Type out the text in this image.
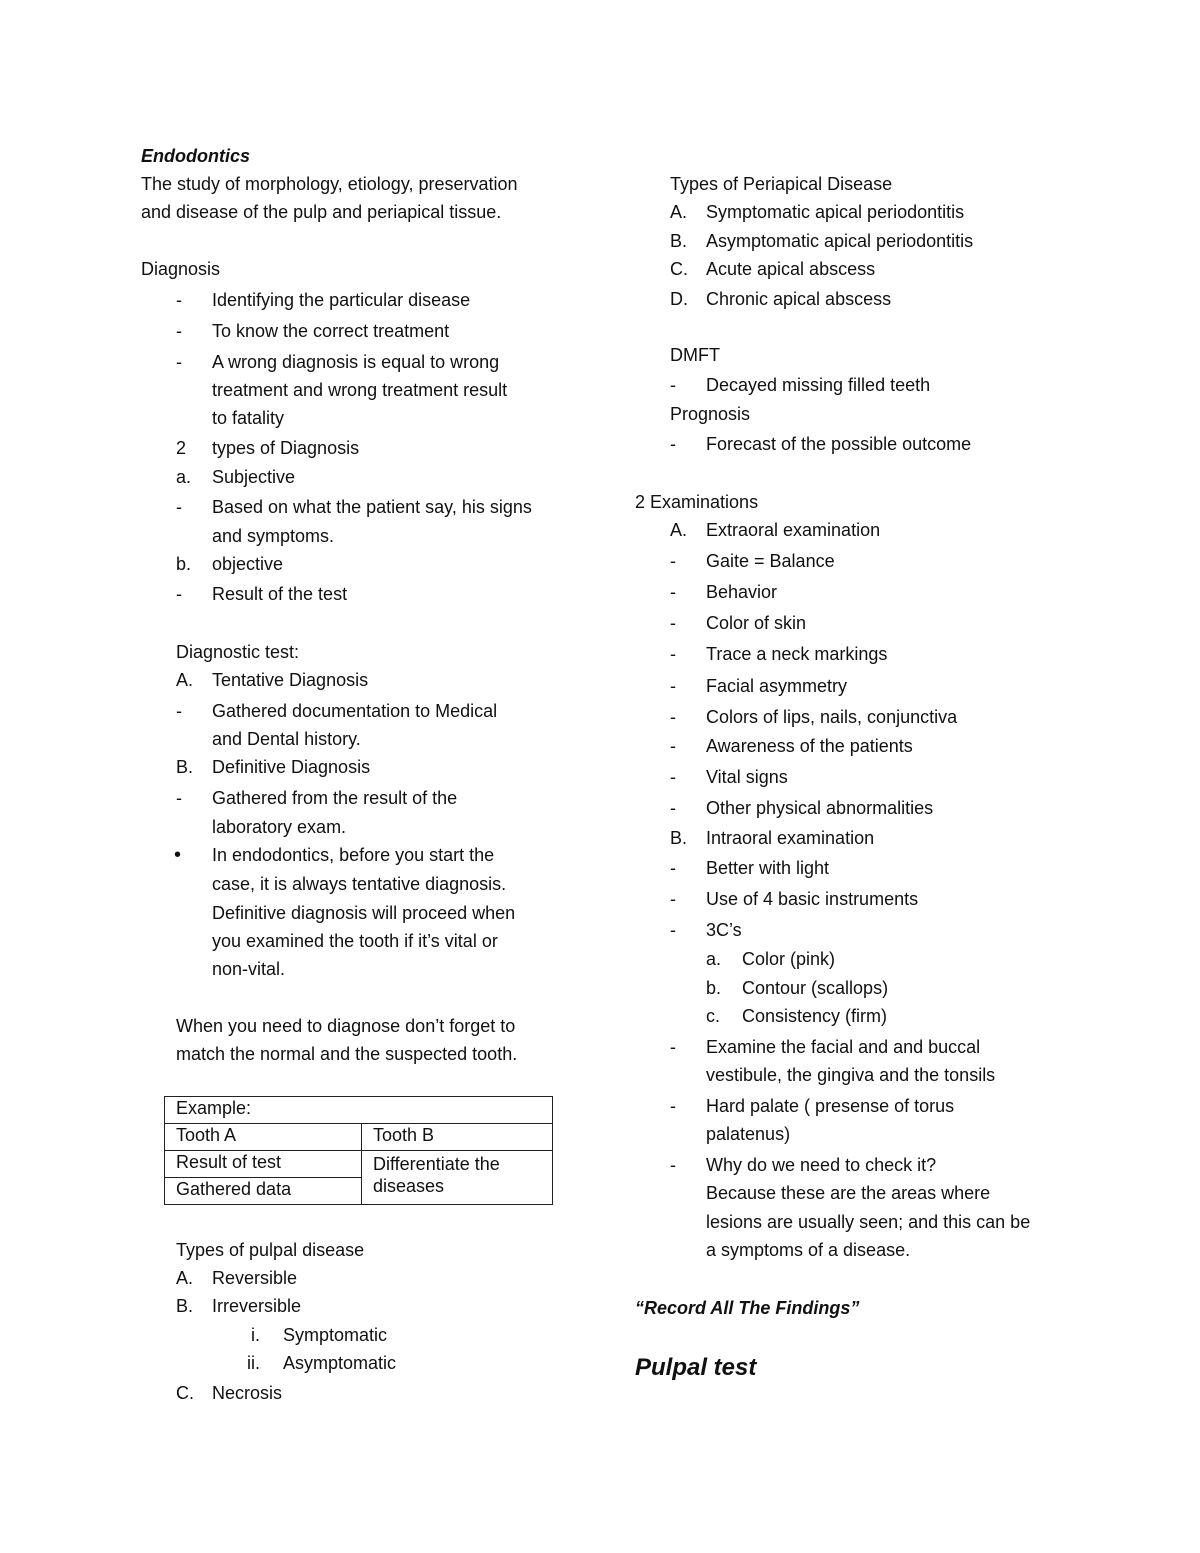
Endodontics
The study of morphology, etiology, preservation
and disease of the pulp and periapical tissue.
Diagnosis
- Identifying the particular disease
- To know the correct treatment
- A wrong diagnosis is equal to wrong
treatment and wrong treatment result
to fatality
2 types of Diagnosis
a. Subjective
- Based on what the patient say, his signs
and symptoms.
b. objective
- Result of the test
Diagnostic test:
A. Tentative Diagnosis
- Gathered documentation to Medical
and Dental history.
B. Definitive Diagnosis
- Gathered from the result of the
laboratory exam.
• In endodontics, before you start the
case, it is always tentative diagnosis.
Definitive diagnosis will proceed when
you examined the tooth if it’s vital or
non-vital.
When you need to diagnose don’t forget to
match the normal and the suspected tooth.
Example:	
Tooth A	Tooth B
Result of test	Differentiate the diseases
Gathered data	
Types of pulpal disease
A. Reversible
B. Irreversible
i. Symptomatic
ii. Asymptomatic
C. Necrosis
Types of Periapical Disease
A. Symptomatic apical periodontitis
B. Asymptomatic apical periodontitis
C. Acute apical abscess
D. Chronic apical abscess
DMFT
- Decayed missing filled teeth
Prognosis
- Forecast of the possible outcome
2 Examinations
A. Extraoral examination
- Gaite = Balance
- Behavior
- Color of skin
- Trace a neck markings
- Facial asymmetry
- Colors of lips, nails, conjunctiva
- Awareness of the patients
- Vital signs
- Other physical abnormalities
B. Intraoral examination
- Better with light
- Use of 4 basic instruments
- 3C’s
a. Color (pink)
b. Contour (scallops)
c. Consistency (firm)
- Examine the facial and and buccal
vestibule, the gingiva and the tonsils
- Hard palate ( presense of torus
palatenus)
- Why do we need to check it?
Because these are the areas where
lesions are usually seen; and this can be
a symptoms of a disease.
“Record All The Findings”
Pulpal test
